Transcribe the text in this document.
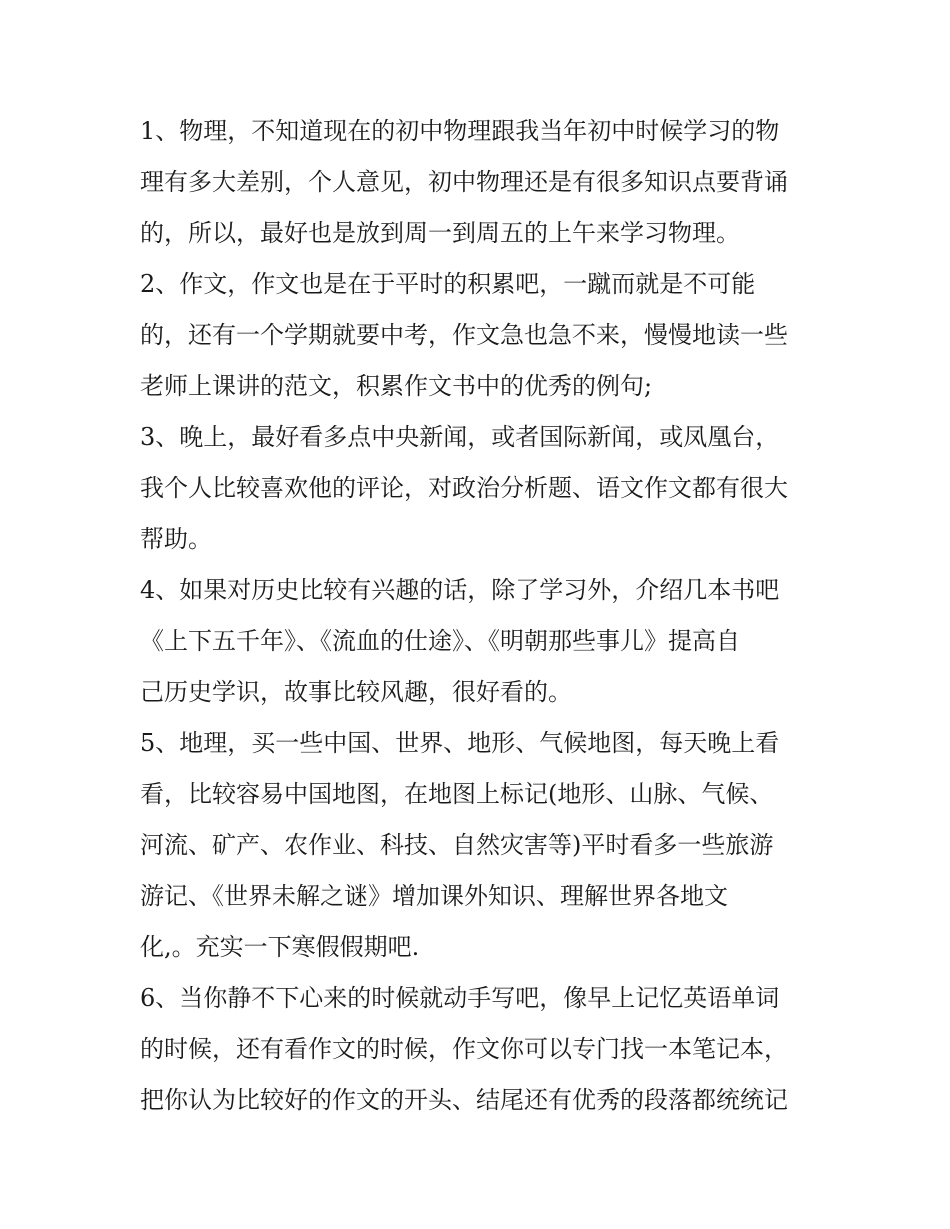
1、物理，不知道现在的初中物理跟我当年初中时候学习的物
理有多大差别，个人意见，初中物理还是有很多知识点要背诵
的，所以，最好也是放到周一到周五的上午来学习物理。
2、作文，作文也是在于平时的积累吧，一蹴而就是不可能
的，还有一个学期就要中考，作文急也急不来，慢慢地读一些
老师上课讲的范文，积累作文书中的优秀的例句;
3、晚上，最好看多点中央新闻，或者国际新闻，或凤凰台，
我个人比较喜欢他的评论，对政治分析题、语文作文都有很大
帮助。
4、如果对历史比较有兴趣的话，除了学习外，介绍几本书吧
《上下五千年》、《流血的仕途》、《明朝那些事儿》提高自
己历史学识，故事比较风趣，很好看的。
5、地理，买一些中国、世界、地形、气候地图，每天晚上看
看，比较容易中国地图，在地图上标记(地形、山脉、气候、
河流、矿产、农作业、科技、自然灾害等)平时看多一些旅游
游记、《世界未解之谜》增加课外知识、理解世界各地文
化,。充实一下寒假假期吧.
6、当你静不下心来的时候就动手写吧，像早上记忆英语单词
的时候，还有看作文的时候，作文你可以专门找一本笔记本，
把你认为比较好的作文的开头、结尾还有优秀的段落都统统记
